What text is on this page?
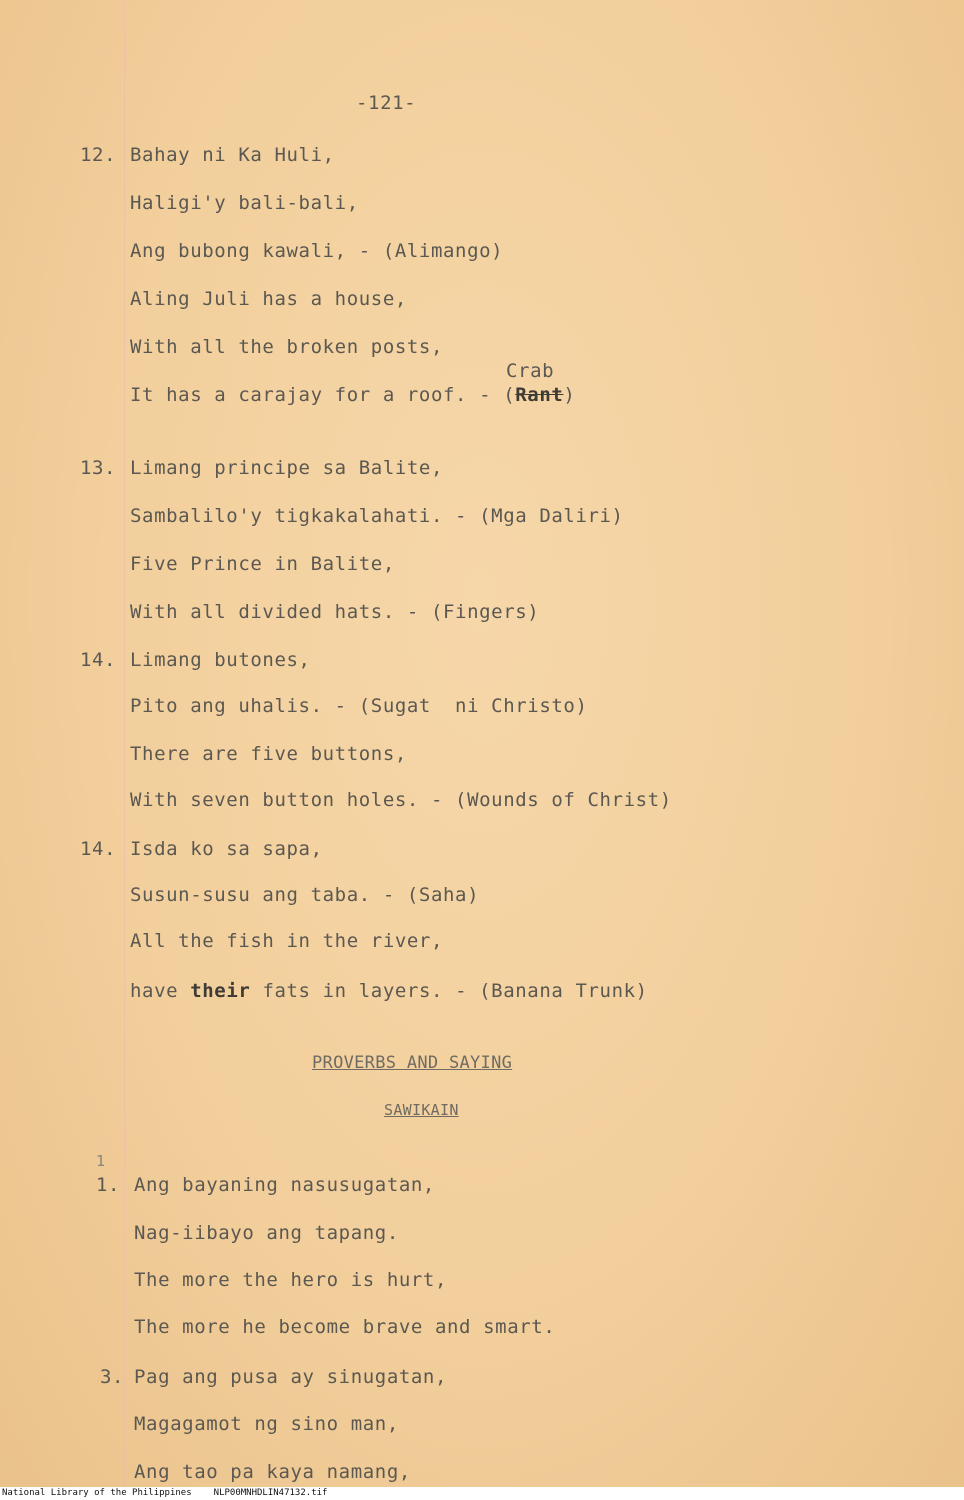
-121-
12. Bahay ni Ka Huli,
Haligi'y bali-bali,
Ang bubong kawali, - (Alimango)
Aling Juli has a house,
With all the broken posts,
Crab
It has a carajay for a roof. - (Rant)
13. Limang principe sa Balite,
Sambalilo'y tigkakalahati. - (Mga Daliri)
Five Prince in Balite,
With all divided hats. - (Fingers)
14. Limang butones,
Pito ang uhalis. - (Sugat  ni Christo)
There are five buttons,
With seven button holes. - (Wounds of Christ)
14. Isda ko sa sapa,
Susun-susu ang taba. - (Saha)
All the fish in the river,
have their fats in layers. - (Banana Trunk)
PROVERBS AND SAYING
SAWIKAIN
1
1. Ang bayaning nasusugatan,
Nag-iibayo ang tapang.
The more the hero is hurt,
The more he become brave and smart.
3. Pag ang pusa ay sinugatan,
Magagamot ng sino man,
Ang tao pa kaya namang,
National Library of the Philippines NLP00MNHDLIN47132.tif
